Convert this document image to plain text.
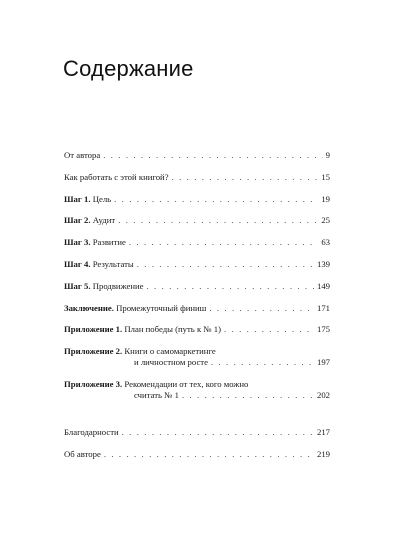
Содержание
От автора . . .	9
Как работать с этой книгой? . . .	15
Шаг 1. Цель . . .	19
Шаг 2. Аудит . . .	25
Шаг 3. Развитие . . .	63
Шаг 4. Результаты . . .	139
Шаг 5. Продвижение . . .	149
Заключение. Промежуточный финиш . . .	171
Приложение 1. План победы (путь к № 1) . . .	175
Приложение 2. Книги о самомаркетинге
и личностном росте . . .	197
Приложение 3. Рекомендации от тех, кого можно
считать № 1 . . .	202
Благодарности . . .	217
Об авторе . . .	219
